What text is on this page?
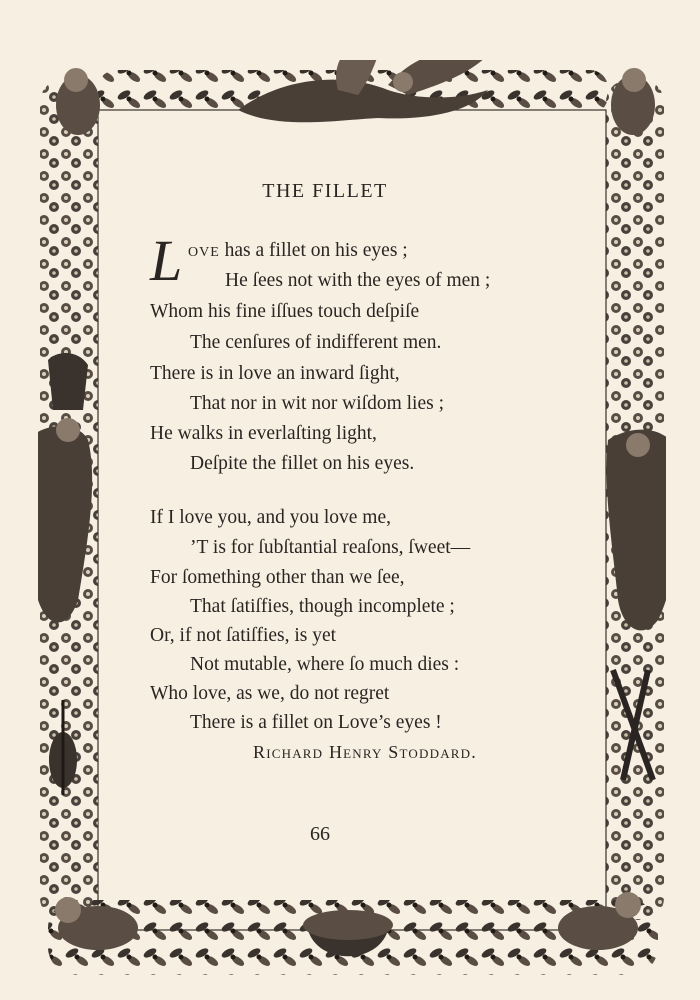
THE FILLET
L ove has a fillet on his eyes ;
He ſees not with the eyes of men ;
Whom his fine iſſues touch deſpiſe
The cenſures of indifferent men.
There is in love an inward ſight,
That nor in wit nor wiſdom lies ;
He walks in everlaſting light,
Deſpite the fillet on his eyes.
If I love you, and you love me,
’T is for ſubſtantial reaſons, ſweet—
For ſomething other than we ſee,
That ſatiſfies, though incomplete ;
Or, if not ſatiſfies, is yet
Not mutable, where ſo much dies :
Who love, as we, do not regret
There is a fillet on Love’s eyes !
Richard Henry Stoddard.
66
